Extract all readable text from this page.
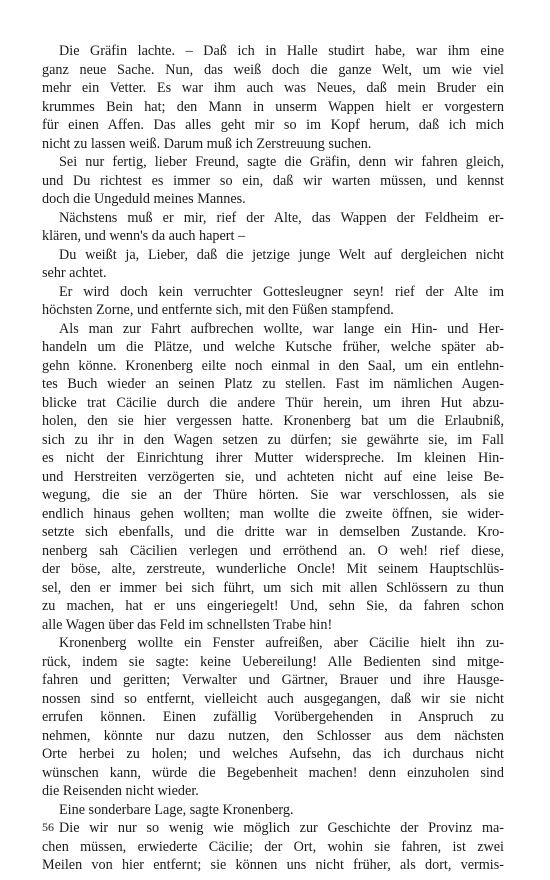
Die Gräfin lachte. – Daß ich in Halle studirt habe, war ihm eine
ganz neue Sache. Nun, das weiß doch die ganze Welt, um wie viel
mehr ein Vetter. Es war ihm auch was Neues, daß mein Bruder ein
krummes Bein hat; den Mann in unserm Wappen hielt er vorgestern
für einen Affen. Das alles geht mir so im Kopf herum, daß ich mich
nicht zu lassen weiß. Darum muß ich Zerstreuung suchen.
Sei nur fertig, lieber Freund, sagte die Gräfin, denn wir fahren gleich,
und Du richtest es immer so ein, daß wir warten müssen, und kennst
doch die Ungeduld meines Mannes.
Nächstens muß er mir, rief der Alte, das Wappen der Feldheim er-
klären, und wenn's da auch hapert –
Du weißt ja, Lieber, daß die jetzige junge Welt auf dergleichen nicht
sehr achtet.
Er wird doch kein verruchter Gottesleugner seyn! rief der Alte im
höchsten Zorne, und entfernte sich, mit den Füßen stampfend.
Als man zur Fahrt aufbrechen wollte, war lange ein Hin- und Her-
handeln um die Plätze, und welche Kutsche früher, welche später ab-
gehn könne. Kronenberg eilte noch einmal in den Saal, um ein entlehn-
tes Buch wieder an seinen Platz zu stellen. Fast im nämlichen Augen-
blicke trat Cäcilie durch die andere Thür herein, um ihren Hut abzu-
holen, den sie hier vergessen hatte. Kronenberg bat um die Erlaubniß,
sich zu ihr in den Wagen setzen zu dürfen; sie gewährte sie, im Fall
es nicht der Einrichtung ihrer Mutter widerspreche. Im kleinen Hin-
und Herstreiten verzögerten sie, und achteten nicht auf eine leise Be-
wegung, die sie an der Thüre hörten. Sie war verschlossen, als sie
endlich hinaus gehen wollten; man wollte die zweite öffnen, sie wider-
setzte sich ebenfalls, und die dritte war in demselben Zustande. Kro-
nenberg sah Cäcilien verlegen und erröthend an. O weh! rief diese,
der böse, alte, zerstreute, wunderliche Oncle! Mit seinem Hauptschlüs-
sel, den er immer bei sich führt, um sich mit allen Schlössern zu thun
zu machen, hat er uns eingeriegelt! Und, sehn Sie, da fahren schon
alle Wagen über das Feld im schnellsten Trabe hin!
Kronenberg wollte ein Fenster aufreißen, aber Cäcilie hielt ihn zu-
rück, indem sie sagte: keine Uebereilung! Alle Bedienten sind mitge-
fahren und geritten; Verwalter und Gärtner, Brauer und ihre Hausge-
nossen sind so entfernt, vielleicht auch ausgegangen, daß wir sie nicht
errufen können. Einen zufällig Vorübergehenden in Anspruch zu
nehmen, könnte nur dazu nutzen, den Schlosser aus dem nächsten
Orte herbei zu holen; und welches Aufsehn, das ich durchaus nicht
wünschen kann, würde die Begebenheit machen! denn einzuholen sind
die Reisenden nicht wieder.
Eine sonderbare Lage, sagte Kronenberg.
Die wir nur so wenig wie möglich zur Geschichte der Provinz ma-
chen müssen, erwiederte Cäcilie; der Ort, wohin sie fahren, ist zwei
Meilen von hier entfernt; sie können uns nicht früher, als dort, vermis-
56
